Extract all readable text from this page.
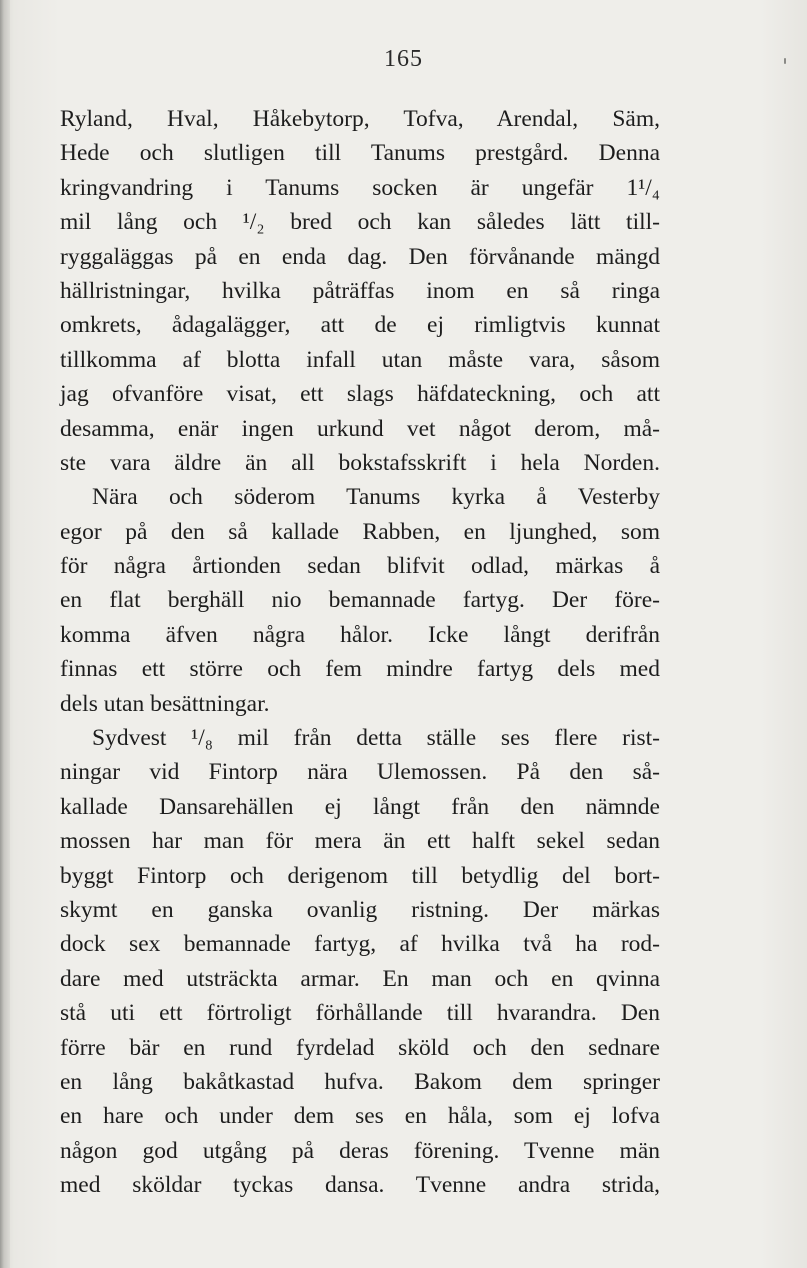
165
Ryland, Hval, Håkebytorp, Tofva, Arendal, Säm,
Hede och slutligen till Tanums prestgård. Denna
kringvandring i Tanums socken är ungefär 1¹/₄
mil lång och ¹/₂ bred och kan således lätt till-
ryggaläggas på en enda dag. Den förvånande mängd
hällristningar, hvilka påträffas inom en så ringa
omkrets, ådagalägger, att de ej rimligtvis kunnat
tillkomma af blotta infall utan måste vara, såsom
jag ofvanföre visat, ett slags häfdateckning, och att
desamma, enär ingen urkund vet något derom, må-
ste vara äldre än all bokstafsskrift i hela Norden.
Nära och söderom Tanums kyrka å Vesterby
egor på den så kallade Rabben, en ljunghed, som
för några årtionden sedan blifvit odlad, märkas å
en flat berghäll nio bemannade fartyg. Der före-
komma äfven några hålor. Icke långt derifrån
finnas ett större och fem mindre fartyg dels med
dels utan besättningar.
Sydvest ¹/₈ mil från detta ställe ses flere rist-
ningar vid Fintorp nära Ulemossen. På den så-
kallade Dansarehällen ej långt från den nämnde
mossen har man för mera än ett halft sekel sedan
byggt Fintorp och derigenom till betydlig del bort-
skymt en ganska ovanlig ristning. Der märkas
dock sex bemannade fartyg, af hvilka två ha rod-
dare med utsträckta armar. En man och en qvinna
stå uti ett förtroligt förhållande till hvarandra. Den
förre bär en rund fyrdelad sköld och den sednare
en lång bakåtkastad hufva. Bakom dem springer
en hare och under dem ses en håla, som ej lofva
någon god utgång på deras förening. Tvenne män
med sköldar tyckas dansa. Tvenne andra strida,
